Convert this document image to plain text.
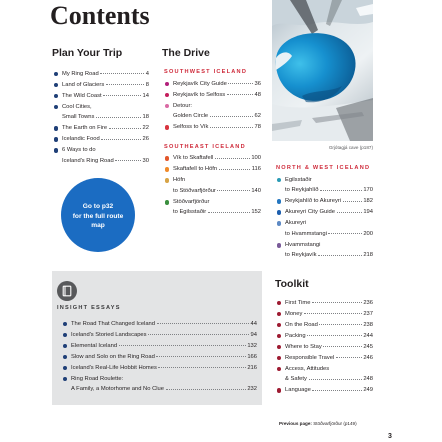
Contents
Plan Your Trip
My Ring Road	4
Land of Glaciers	8
The Wild Coast	14
Cool Cities,
Small Towns	18
The Earth on Fire	22
Icelandic Food	26
6 Ways to do
Iceland's Ring Road	30
Go to p32
for the full route
map
The Drive
SOUTHWEST ICELAND
Reykjavík City Guide	36
Reykjavík to Selfoss	48
Detour:
Golden Circle	62
Selfoss to Vík	78
SOUTHEAST ICELAND
Vík to Skaftafell	100
Skaftafell to Höfn	116
Höfn
to Stöðvarfjörður	140
Stöðvarfjörður
to Egilsstaðir	152
Grjótagjá cave (p187)
NORTH & WEST ICELAND
Egilsstaðir
to Reykjahlíð	170
Reykjahlíð to Akureyri	182
Akureyri City Guide	194
Akureyri
to Hvammstangi	200
Hvammstangi
to Reykjavík	218
INSIGHT ESSAYS
The Road That Changed Iceland	44
Iceland's Storied Landscapes	94
Elemental Iceland	132
Slow and Solo on the Ring Road	166
Iceland's Real-Life Hobbit Homes	216
Ring Road Roulette:
A Family, a Motorhome and No Clue	232
Toolkit
First Time	236
Money	237
On the Road	238
Packing	244
Where to Stay	245
Responsible Travel	246
Access, Attitudes
& Safety	248
Language	249
Previous page: Stöðvarfjörður (p149)
3
